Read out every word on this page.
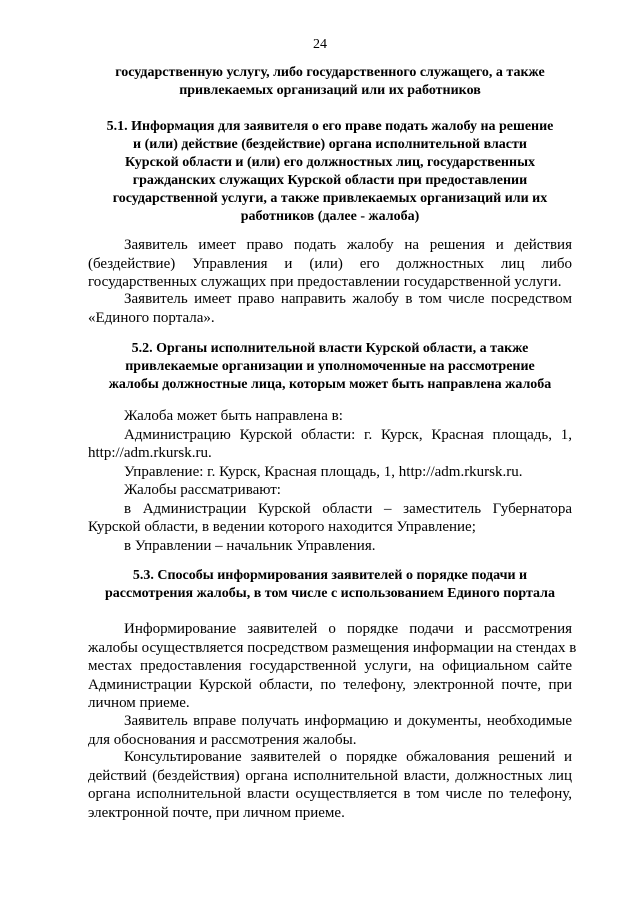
24
государственную услугу, либо государственного служащего, а также
привлекаемых организаций или их работников
5.1. Информация для заявителя о его праве подать жалобу на решение
и (или) действие (бездействие) органа исполнительной власти
Курской области и (или) его должностных лиц, государственных
гражданских служащих Курской области при предоставлении
государственной услуги, а также привлекаемых организаций или их
работников (далее - жалоба)
Заявитель имеет право подать жалобу на решения и действия
(бездействие) Управления и (или) его должностных лиц либо
государственных служащих при предоставлении государственной услуги.
Заявитель имеет право направить жалобу в том числе посредством
«Единого портала».
5.2. Органы исполнительной власти Курской области, а также
привлекаемые организации и уполномоченные на рассмотрение
жалобы должностные лица, которым может быть направлена жалоба
Жалоба может быть направлена в:
Администрацию Курской области: г. Курск, Красная площадь, 1,
http://adm.rkursk.ru.
Управление: г. Курск, Красная площадь, 1, http://adm.rkursk.ru.
Жалобы рассматривают:
в Администрации Курской области – заместитель Губернатора
Курской области, в ведении которого находится Управление;
в Управлении – начальник Управления.
5.3. Способы информирования заявителей о порядке подачи и
рассмотрения жалобы, в том числе с использованием Единого портала
Информирование заявителей о порядке подачи и рассмотрения
жалобы осуществляется посредством размещения информации на стендах в
местах предоставления государственной услуги, на официальном сайте
Администрации Курской области, по телефону, электронной почте, при
личном приеме.
Заявитель вправе получать информацию и документы, необходимые
для обоснования и рассмотрения жалобы.
Консультирование заявителей о порядке обжалования решений и
действий (бездействия) органа исполнительной власти, должностных лиц
органа исполнительной власти осуществляется в том числе по телефону,
электронной почте, при личном приеме.
